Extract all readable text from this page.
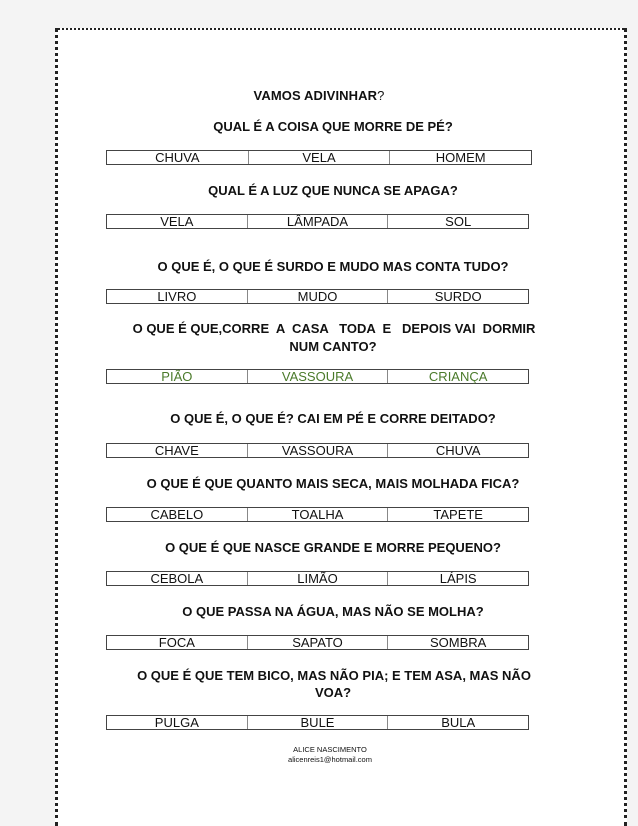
VAMOS ADIVINHAR?
QUAL É A COISA QUE MORRE DE PÉ?
CHUVA	VELA	HOMEM
QUAL É A LUZ QUE NUNCA SE APAGA?
VELA	LÂMPADA	SOL
O QUE É, O QUE É SURDO E MUDO MAS CONTA TUDO?
LIVRO	MUDO	SURDO
O QUE É QUE,CORRE  A  CASA   TODA  E   DEPOIS VAI  DORMIR
NUM CANTO?
PIÃO	VASSOURA	CRIANÇA
O QUE É, O QUE É? CAI EM PÉ E CORRE DEITADO?
CHAVE	VASSOURA	CHUVA
O QUE É QUE QUANTO MAIS SECA, MAIS MOLHADA FICA?
CABELO	TOALHA	TAPETE
O QUE É QUE NASCE GRANDE E MORRE PEQUENO?
CEBOLA	LIMÃO	LÁPIS
O QUE PASSA NA ÁGUA, MAS NÃO SE MOLHA?
FOCA	SAPATO	SOMBRA
O QUE É QUE TEM BICO, MAS NÃO PIA; E TEM ASA, MAS NÃO
VOA?
PULGA	BULE	BULA
ALICE NASCIMENTO
alicenreis1@hotmail.com
